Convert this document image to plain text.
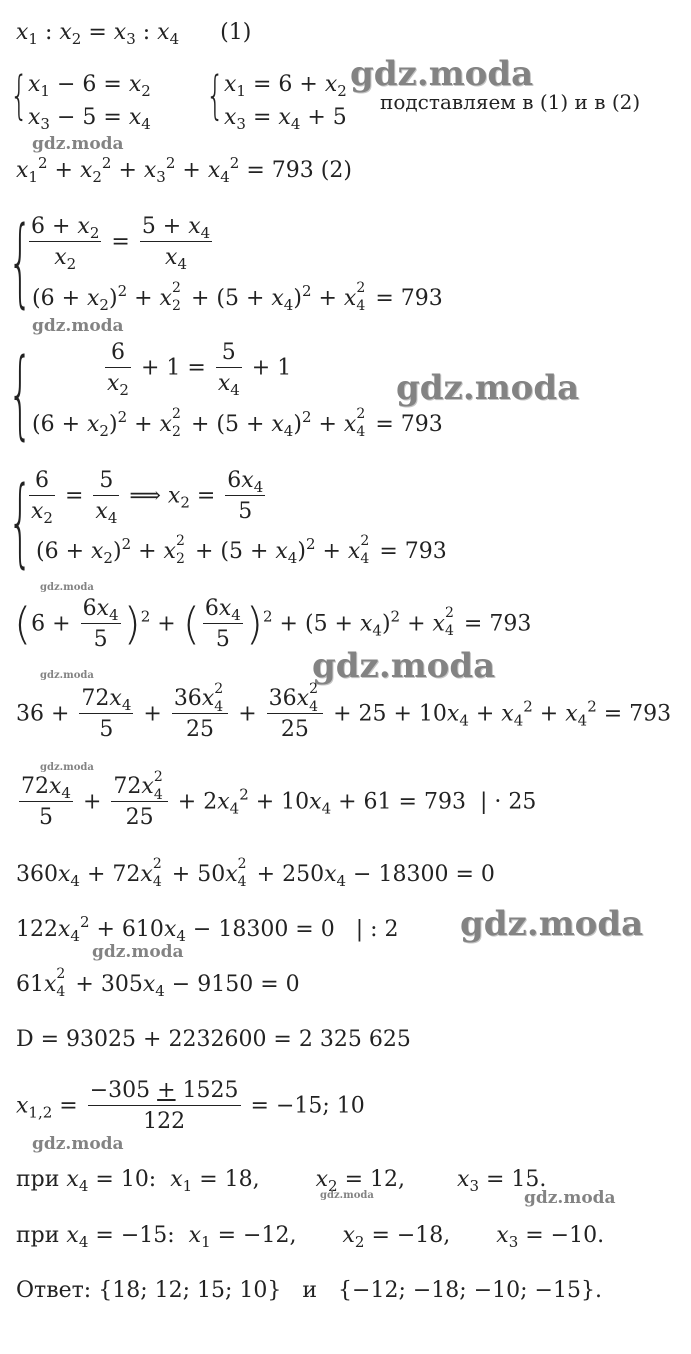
$x_1$ : $x_2 = x_3$ : $x_4$ (1)
{ $x_1 - 6 = x_2$
$x_3 - 5 = x_4$ { $x_1 = 6 + x_2$
$x_3 = x_4 + 5$
подставляем в (1) и в (2)
gdz.moda
gdz.moda
$x_1^2 + x_2^2 + x_3^2 + x_4^2 = 793$ (2)
{
$\frac{6 + x_2}{x_2} = \frac{5 + x_4}{x_4}$
$(6 + x_2)^2 + x$ 2
$2 + (5 + x_4)^2 + x$ 2
4 = 793
gdz.moda
{	$\frac{6}{x_2} + 1 = \frac{5}{x_4} + 1$
$(6 + x_2)^2 + x$ 2
$2 + (5 + x_4)^2 + x$ 2
4 = 793
gdz.moda
{
$\frac{6}{x_2} = \frac{5}{x_4}$ ⟹ $x_2 = \frac{6x_4}{5}$
$(6 + x_2)^2 + x$ 2
$2 + (5 + x_4)^2 + x$ 2
4 = 793
gdz.moda
$(6 + \frac{6x_4}{5} )^2$ + ( $\frac{6x_4}{5} )^2 + (5 + x_4)^2 + x$ 2
4 = 793
gdz.moda
gdz.moda
$36 + \frac{72x_4}{5} + 36x$ 2
4
25 + 36x 2
4
$25 + 25 + 10x_4 + x_4^2 + x_4^2 = 793$
gdz.moda
$\frac{72x_4}{5} + 72x$ 2
4
$25 + 2x_4^2 + 10x_4 + 61 = 793$  | · 25
$360x_4 + 72x$ 2
4 + 50x 2
$4 + 250x_4 - 18300 = 0$
$122x_4^2 + 610x_4 - 18300 = 0$   | : 2 gdz.moda
gdz.moda
61x 2
$4 + 305x_4 - 9150 = 0$
D = 93025 + 2232600 = 2 325 625
$x_{1,2} = \frac{-305 + 1525}{122} = -15$; 10
gdz.moda
при $x_4 = 10$: $x_1 = 18$,	$x_2 = 12$, $x_3 = 15$.
gdz.moda	gdz.moda
при $x_4 = -15$: $x_1 = -12$, $x_2 = -18$, $x_3 = -10$.
Ответ: {18; 12; 15; 10} и {−12; −18; −10; −15}.
